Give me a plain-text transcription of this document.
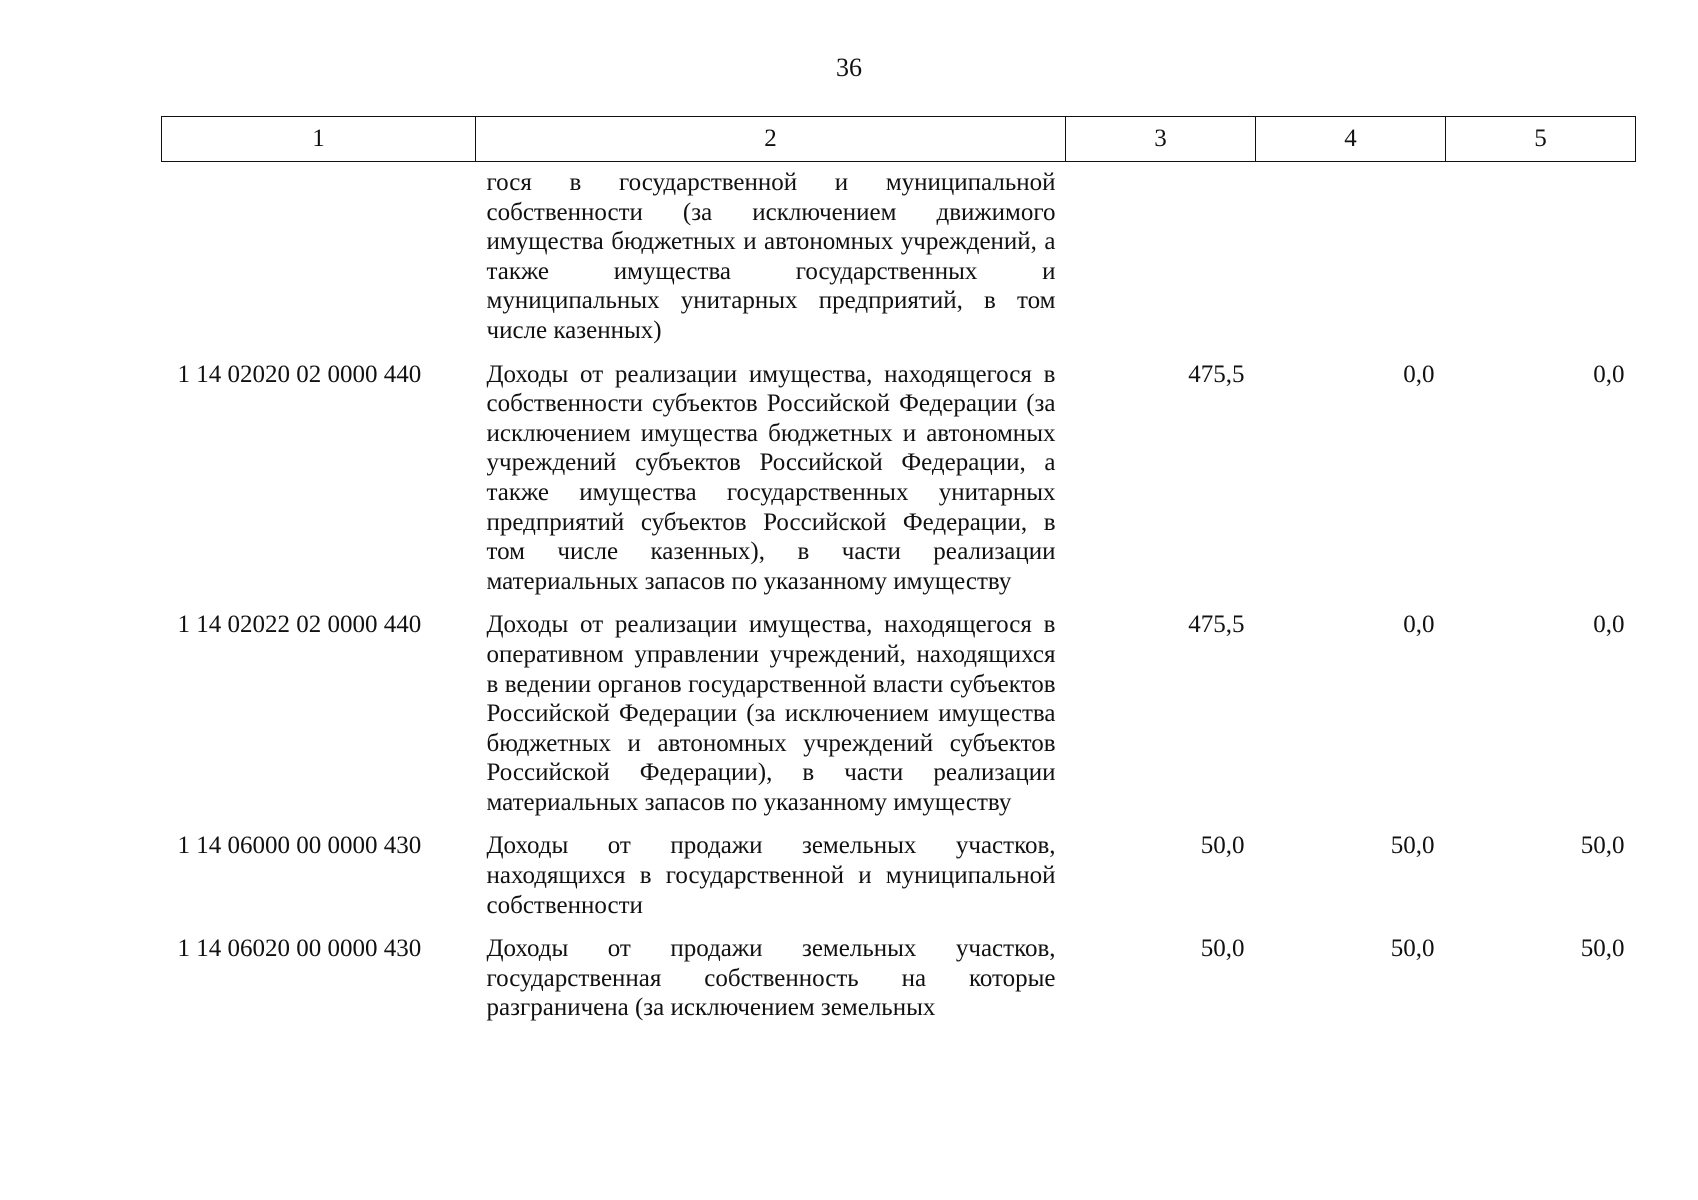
36
1	2	3	4	5

	гося в государственной и муниципальной собственности (за исключением движимого имущества бюджетных и автономных учреждений, а также имущества государственных и муниципальных унитарных предприятий, в том числе казенных)			

1 14 02020 02 0000 440	Доходы от реализации имущества, находящегося в собственности субъектов Российской Федерации (за исключением имущества бюджетных и автономных учреждений субъектов Российской Федерации, а также имущества государственных унитарных предприятий субъектов Российской Федерации, в том числе казенных), в части реализации материальных запасов по указанному имуществу	475,5	0,0	0,0
1 14 02022 02 0000 440	Доходы от реализации имущества, находящегося в оперативном управлении учреждений, находящихся в ведении органов государственной власти субъектов Российской Федерации (за исключением имущества бюджетных и автономных учреждений субъектов Российской Федерации), в части реализации материальных запасов по указанному имуществу	475,5	0,0	0,0
1 14 06000 00 0000 430	Доходы от продажи земельных участков, находящихся в государственной и муниципальной собственности	50,0	50,0	50,0
1 14 06020 00 0000 430	Доходы от продажи земельных участков, государственная собственность на которые разграничена (за исключением земельных	50,0	50,0	50,0
